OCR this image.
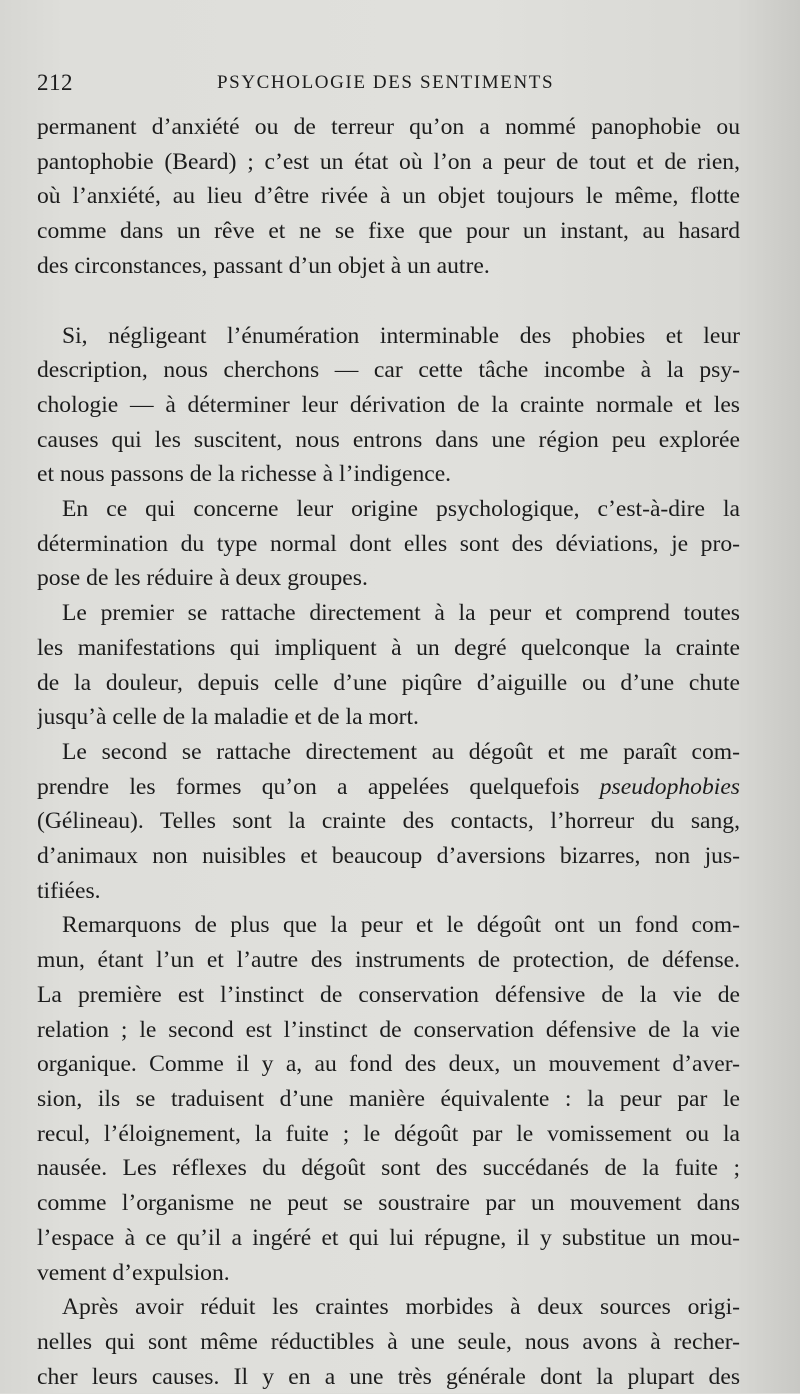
212	PSYCHOLOGIE DES SENTIMENTS
permanent d’anxiété ou de terreur qu’on a nommé panophobie ou
pantophobie (Beard) ; c’est un état où l’on a peur de tout et de rien,
où l’anxiété, au lieu d’être rivée à un objet toujours le même, flotte
comme dans un rêve et ne se fixe que pour un instant, au hasard
des circonstances, passant d’un objet à un autre.
Si, négligeant l’énumération interminable des phobies et leur
description, nous cherchons — car cette tâche incombe à la psy-
chologie — à déterminer leur dérivation de la crainte normale et les
causes qui les suscitent, nous entrons dans une région peu explorée
et nous passons de la richesse à l’indigence.
En ce qui concerne leur origine psychologique, c’est-à-dire la
détermination du type normal dont elles sont des déviations, je pro-
pose de les réduire à deux groupes.
Le premier se rattache directement à la peur et comprend toutes
les manifestations qui impliquent à un degré quelconque la crainte
de la douleur, depuis celle d’une piqûre d’aiguille ou d’une chute
jusqu’à celle de la maladie et de la mort.
Le second se rattache directement au dégoût et me paraît com-
prendre les formes qu’on a appelées quelquefois pseudophobies
(Gélineau). Telles sont la crainte des contacts, l’horreur du sang,
d’animaux non nuisibles et beaucoup d’aversions bizarres, non jus-
tifiées.
Remarquons de plus que la peur et le dégoût ont un fond com-
mun, étant l’un et l’autre des instruments de protection, de défense.
La première est l’instinct de conservation défensive de la vie de
relation ; le second est l’instinct de conservation défensive de la vie
organique. Comme il y a, au fond des deux, un mouvement d’aver-
sion, ils se traduisent d’une manière équivalente : la peur par le
recul, l’éloignement, la fuite ; le dégoût par le vomissement ou la
nausée. Les réflexes du dégoût sont des succédanés de la fuite ;
comme l’organisme ne peut se soustraire par un mouvement dans
l’espace à ce qu’il a ingéré et qui lui répugne, il y substitue un mou-
vement d’expulsion.
Après avoir réduit les craintes morbides à deux sources origi-
nelles qui sont même réductibles à une seule, nous avons à recher-
cher leurs causes. Il y en a une très générale dont la plupart des
